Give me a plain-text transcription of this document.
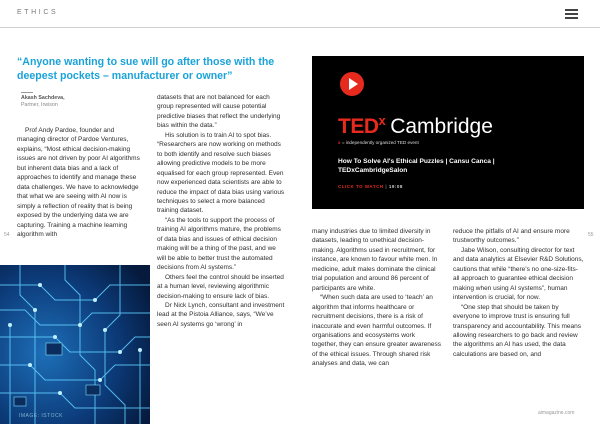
ETHICS
“Anyone wanting to sue will go after those with the deepest pockets – manufacturer or owner”
Akash Sachdeva,
Partner, Irwison

Prof Andy Pardoe, founder and managing director of Pardoe Ventures, explains, “Most ethical decision-making issues are not driven by poor AI algorithms but inherent data bias and a lack of approaches to identify and manage these data challenges. We have to acknowledge that what we are seeing with AI now is simply a reflection of reality that is being exposed by the underlying data we are capturing. Training a machine learning algorithm with

datasets that are not balanced for each group represented will cause potential predictive biases that reflect the underlying bias within the data.”

His solution is to train AI to spot bias. “Researchers are now working on methods to both identify and resolve such biases allowing predictive models to be more equalised for each group represented. Even now experienced data scientists are able to reduce the impact of data bias using various techniques to select a more balanced training dataset.

“As the tools to support the process of training AI algorithms mature, the problems of data bias and issues of ethical decision making will be a thing of the past, and we will be able to better trust the automated decisions from AI systems.”

Others feel the control should be inserted at a human level, reviewing algorithmic decision-making to ensure lack of bias.

Dr Nick Lynch, consultant and investment lead at the Pistoia Alliance, says, “We’ve seen AI systems go ‘wrong’ in

many industries due to limited diversity in datasets, leading to unethical decision-making. Algorithms used in recruitment, for instance, are known to favour white men. In medicine, adult males dominate the clinical trial population and around 86 percent of participants are white.

“When such data are used to ‘teach’ an algorithm that informs healthcare or recruitment decisions, there is a risk of inaccurate and even harmful outcomes. If organisations and ecosystems work together, they can ensure greater awareness of the ethical issues. Through shared risk analyses and data, we can

reduce the pitfalls of AI and ensure more trustworthy outcomes.”

Jabe Wilson, consulting director for text and data analytics at Elsevier R&D Solutions, cautions that while “there’s no one-size-fits-all approach to guarantee ethical decision making when using AI systems”, human intervention is crucial, for now.

“One step that should be taken by everyone to improve trust is ensuring full transparency and accountability. This means allowing researchers to go back and review the algorithms an AI has used, the data calculations are based on, and

54	55
IMAGE: ISTOCK
TED$^x$ Cambridge
x = independently organized TED event
How To Solve AI's Ethical Puzzles | Cansu Canca | TEDxCambridgeSalon
CLICK TO WATCH | 19:08
aimagazine.com
